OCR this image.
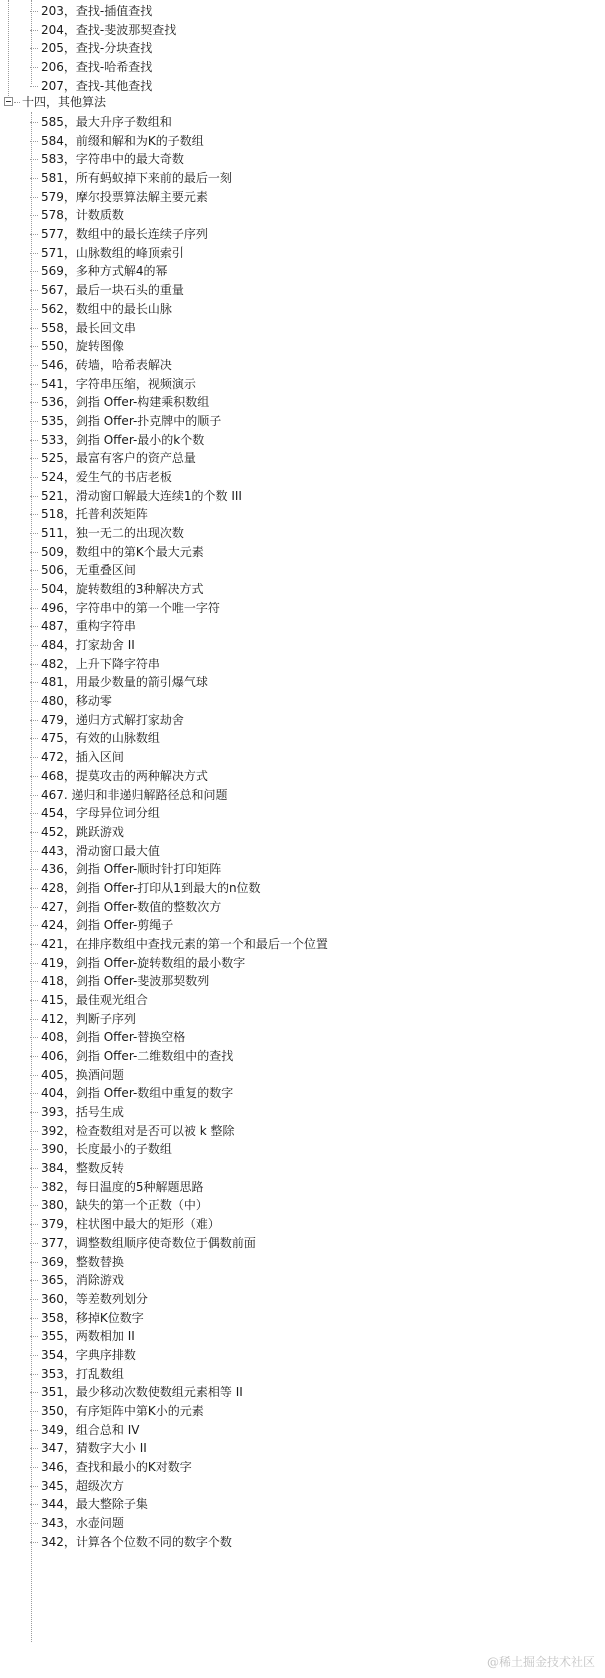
十四，其他算法
@稀土掘金技术社区
203，查找-插值查找
204，查找-斐波那契查找
205，查找-分块查找
206，查找-哈希查找
207，查找-其他查找
585，最大升序子数组和
584，前缀和解和为K的子数组
583，字符串中的最大奇数
581，所有蚂蚁掉下来前的最后一刻
579，摩尔投票算法解主要元素
578，计数质数
577，数组中的最长连续子序列
571，山脉数组的峰顶索引
569，多种方式解4的幂
567，最后一块石头的重量
562，数组中的最长山脉
558，最长回文串
550，旋转图像
546，砖墙，哈希表解决
541，字符串压缩，视频演示
536，剑指 Offer-构建乘积数组
535，剑指 Offer-扑克牌中的顺子
533，剑指 Offer-最小的k个数
525，最富有客户的资产总量
524，爱生气的书店老板
521，滑动窗口解最大连续1的个数 III
518，托普利茨矩阵
511，独一无二的出现次数
509，数组中的第K个最大元素
506，无重叠区间
504，旋转数组的3种解决方式
496，字符串中的第一个唯一字符
487，重构字符串
484，打家劫舍 II
482，上升下降字符串
481，用最少数量的箭引爆气球
480，移动零
479，递归方式解打家劫舍
475，有效的山脉数组
472，插入区间
468，提莫攻击的两种解决方式
467. 递归和非递归解路径总和问题
454，字母异位词分组
452，跳跃游戏
443，滑动窗口最大值
436，剑指 Offer-顺时针打印矩阵
428，剑指 Offer-打印从1到最大的n位数
427，剑指 Offer-数值的整数次方
424，剑指 Offer-剪绳子
421，在排序数组中查找元素的第一个和最后一个位置
419，剑指 Offer-旋转数组的最小数字
418，剑指 Offer-斐波那契数列
415，最佳观光组合
412，判断子序列
408，剑指 Offer-替换空格
406，剑指 Offer-二维数组中的查找
405，换酒问题
404，剑指 Offer-数组中重复的数字
393，括号生成
392，检查数组对是否可以被 k 整除
390，长度最小的子数组
384，整数反转
382，每日温度的5种解题思路
380，缺失的第一个正数（中）
379，柱状图中最大的矩形（难）
377，调整数组顺序使奇数位于偶数前面
369，整数替换
365，消除游戏
360，等差数列划分
358，移掉K位数字
355，两数相加 II
354，字典序排数
353，打乱数组
351，最少移动次数使数组元素相等 II
350，有序矩阵中第K小的元素
349，组合总和 IV
347，猜数字大小 II
346，查找和最小的K对数字
345，超级次方
344，最大整除子集
343，水壶问题
342，计算各个位数不同的数字个数
